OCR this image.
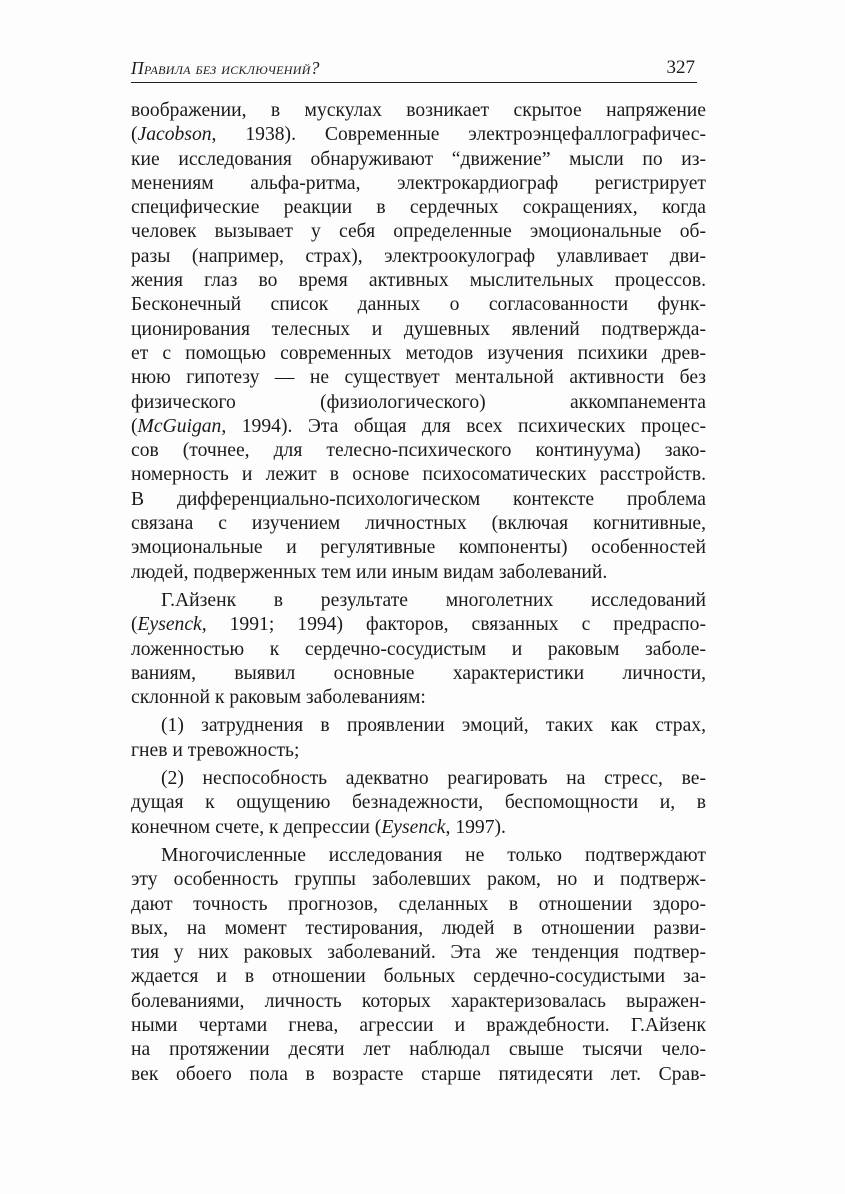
Правила без исключений?	327
воображении, в мускулах возникает скрытое напряжение
(Jacobson, 1938). Современные электроэнцефаллографичес-
кие исследования обнаруживают “движение” мысли по из-
менениям альфа-ритма, электрокардиограф регистрирует
специфические реакции в сердечных сокращениях, когда
человек вызывает у себя определенные эмоциональные об-
разы (например, страх), электроокулограф улавливает дви-
жения глаз во время активных мыслительных процессов.
Бесконечный список данных о согласованности функ-
ционирования телесных и душевных явлений подтвержда-
ет с помощью современных методов изучения психики древ-
нюю гипотезу — не существует ментальной активности без
физического (физиологического) аккомпанемента
(McGuigan, 1994). Эта общая для всех психических процес-
сов (точнее, для телесно-психического континуума) зако-
номерность и лежит в основе психосоматических расстройств.
В дифференциально-психологическом контексте проблема
связана с изучением личностных (включая когнитивные,
эмоциональные и регулятивные компоненты) особенностей
людей, подверженных тем или иным видам заболеваний.
Г.Айзенк в результате многолетних исследований
(Eysenck, 1991; 1994) факторов, связанных с предраспо-
ложенностью к сердечно-сосудистым и раковым заболе-
ваниям, выявил основные характеристики личности,
склонной к раковым заболеваниям:
(1) затруднения в проявлении эмоций, таких как страх,
гнев и тревожность;
(2) неспособность адекватно реагировать на стресс, ве-
дущая к ощущению безнадежности, беспомощности и, в
конечном счете, к депрессии (Eysenck, 1997).
Многочисленные исследования не только подтверждают
эту особенность группы заболевших раком, но и подтверж-
дают точность прогнозов, сделанных в отношении здоро-
вых, на момент тестирования, людей в отношении разви-
тия у них раковых заболеваний. Эта же тенденция подтвер-
ждается и в отношении больных сердечно-сосудистыми за-
болеваниями, личность которых характеризовалась выражен-
ными чертами гнева, агрессии и враждебности. Г.Айзенк
на протяжении десяти лет наблюдал свыше тысячи чело-
век обоего пола в возрасте старше пятидесяти лет. Срав-
